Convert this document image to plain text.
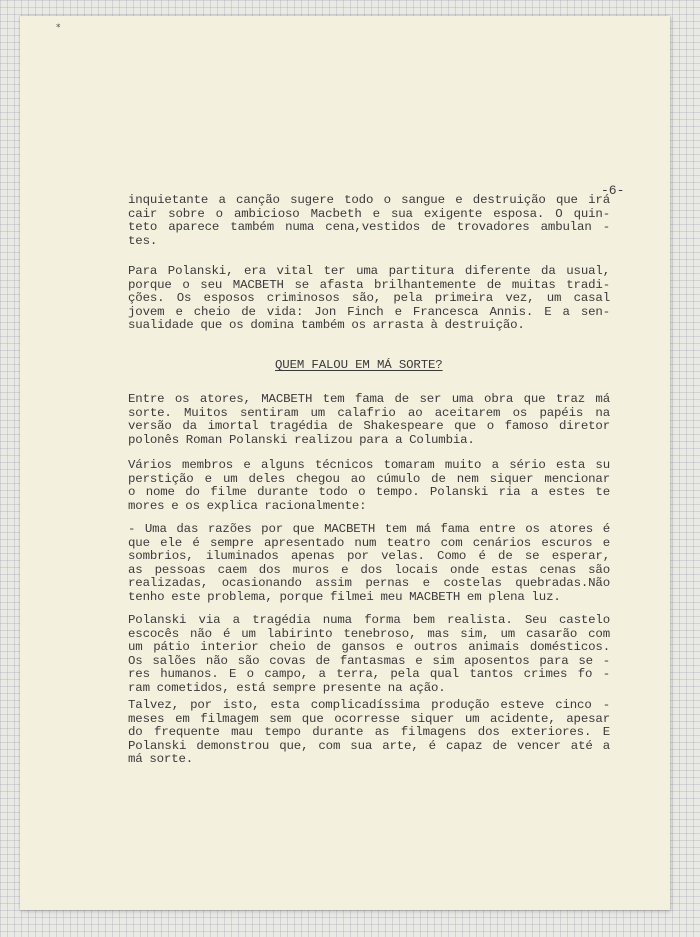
⁎
-6-

inquietante a canção sugere todo o sangue e destruição que irá
cair sobre o ambicioso Macbeth e sua exigente esposa. O quin-
teto aparece também numa cena,vestidos de trovadores ambulan -
tes.

Para Polanski, era vital ter uma partitura diferente da usual,
porque o seu MACBETH se afasta brilhantemente de muitas tradi-
ções. Os esposos criminosos são, pela primeira vez, um casal
jovem e cheio de vida: Jon Finch e Francesca Annis. E a sen-
sualidade que os domina também os arrasta à destruição.

QUEM FALOU EM MÁ SORTE?

Entre os atores, MACBETH tem fama de ser uma obra que traz má
sorte. Muitos sentiram um calafrio ao aceitarem os papéis na
versão da imortal tragédia de Shakespeare que o famoso diretor
polonês Roman Polanski realizou para a Columbia.

Vários membros e alguns técnicos tomaram muito a sério esta su
perstição e um deles chegou ao cúmulo de nem siquer mencionar
o nome do filme durante todo o tempo. Polanski ria a estes te
mores e os explica racionalmente:

- Uma das razões por que MACBETH tem má fama entre os atores é
que ele é sempre apresentado num teatro com cenários escuros e
sombrios, iluminados apenas por velas. Como é de se esperar,
as pessoas caem dos muros e dos locais onde estas cenas são
realizadas, ocasionando assim pernas e costelas quebradas.Não
tenho este problema, porque filmei meu MACBETH em plena luz.

Polanski via a tragédia numa forma bem realista. Seu castelo
escocês não é um labirinto tenebroso, mas sim, um casarão com
um pátio interior cheio de gansos e outros animais domésticos.
Os salões não são covas de fantasmas e sim aposentos para se -
res humanos. E o campo, a terra, pela qual tantos crimes fo -
ram cometidos, está sempre presente na ação.

Talvez, por isto, esta complicadíssima produção esteve cinco -
meses em filmagem sem que ocorresse siquer um acidente, apesar
do frequente mau tempo durante as filmagens dos exteriores. E
Polanski demonstrou que, com sua arte, é capaz de vencer até a
má sorte.
